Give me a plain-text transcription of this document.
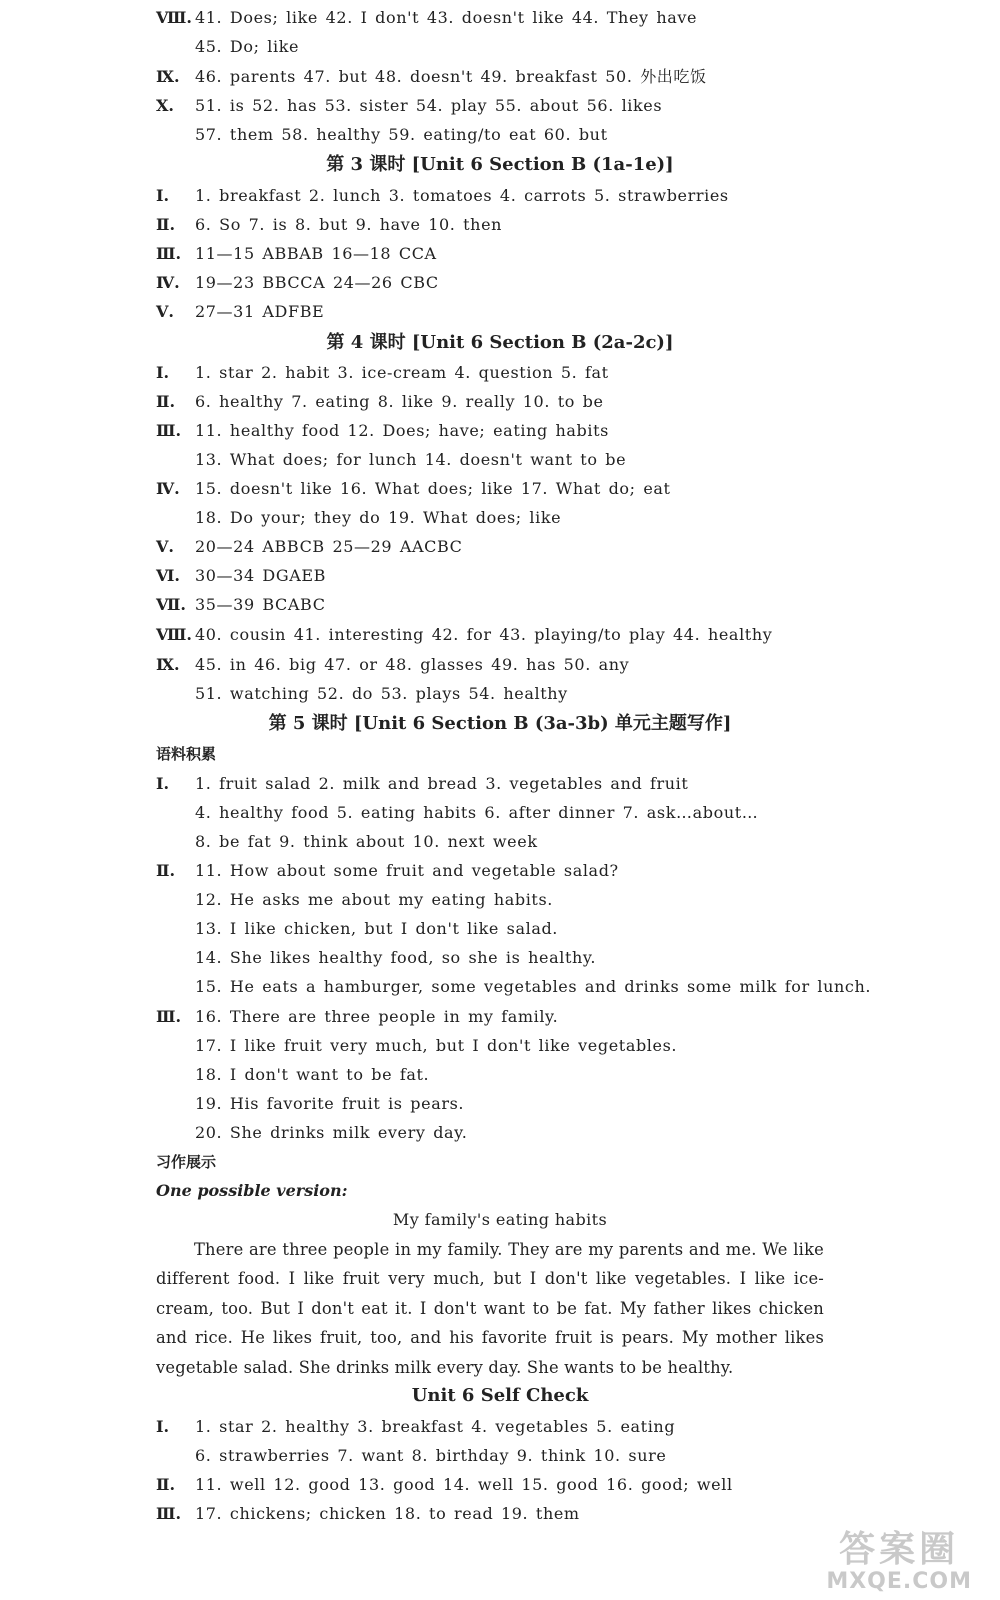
Ⅷ. 41. Does; like 42. I don't 43. doesn't like 44. They have
45. Do; like
Ⅸ. 46. parents 47. but 48. doesn't 49. breakfast 50. 外出吃饭
Ⅹ.	51. is 52. has 53. sister 54. play 55. about 56. likes
57. them 58. healthy 59. eating/to eat 60. but
第 3 课时 [Unit 6 Section B (1a-1e)]
Ⅰ.	1. breakfast 2. lunch 3. tomatoes 4. carrots 5. strawberries
Ⅱ.	6. So 7. is 8. but 9. have 10. then
Ⅲ. 11—15 ABBAB 16—18 CCA
Ⅳ. 19—23 BBCCA 24—26 CBC
Ⅴ.	27—31 ADFBE
第 4 课时 [Unit 6 Section B (2a-2c)]
Ⅰ.	1. star 2. habit 3. ice-cream 4. question 5. fat
Ⅱ.	6. healthy 7. eating 8. like 9. really 10. to be
Ⅲ. 11. healthy food 12. Does; have; eating habits
13. What does; for lunch 14. doesn't want to be
Ⅳ. 15. doesn't like 16. What does; like 17. What do; eat
18. Do your; they do 19. What does; like
Ⅴ.	20—24 ABBCB 25—29 AACBC
Ⅵ. 30—34 DGAEB
Ⅶ. 35—39 BCABC
Ⅷ. 40. cousin 41. interesting 42. for 43. playing/to play 44. healthy
Ⅸ. 45. in 46. big 47. or 48. glasses 49. has 50. any
51. watching 52. do 53. plays 54. healthy
第 5 课时 [Unit 6 Section B (3a-3b) 单元主题写作]
语料积累
Ⅰ.	1. fruit salad 2. milk and bread 3. vegetables and fruit
4. healthy food 5. eating habits 6. after dinner 7. ask…about…
8. be fat 9. think about 10. next week
Ⅱ.	11. How about some fruit and vegetable salad?
12. He asks me about my eating habits.
13. I like chicken, but I don't like salad.
14. She likes healthy food, so she is healthy.
15. He eats a hamburger, some vegetables and drinks some milk for lunch.
Ⅲ. 16. There are three people in my family.
17. I like fruit very much, but I don't like vegetables.
18. I don't want to be fat.
19. His favorite fruit is pears.
20. She drinks milk every day.
习作展示
One possible version:
My family's eating habits
There are three people in my family. They are my parents and me. We like different food. I like fruit very much, but I don't like vegetables. I like ice-cream, too. But I don't eat it. I don't want to be fat. My father likes chicken and rice. He likes fruit, too, and his favorite fruit is pears. My mother likes vegetable salad. She drinks milk every day. She wants to be healthy.
Unit 6 Self Check
Ⅰ.	1. star 2. healthy 3. breakfast 4. vegetables 5. eating
6. strawberries 7. want 8. birthday 9. think 10. sure
Ⅱ.	11. well 12. good 13. good 14. well 15. good 16. good; well
Ⅲ. 17. chickens; chicken 18. to read 19. them
答案圈
MXQE.COM
